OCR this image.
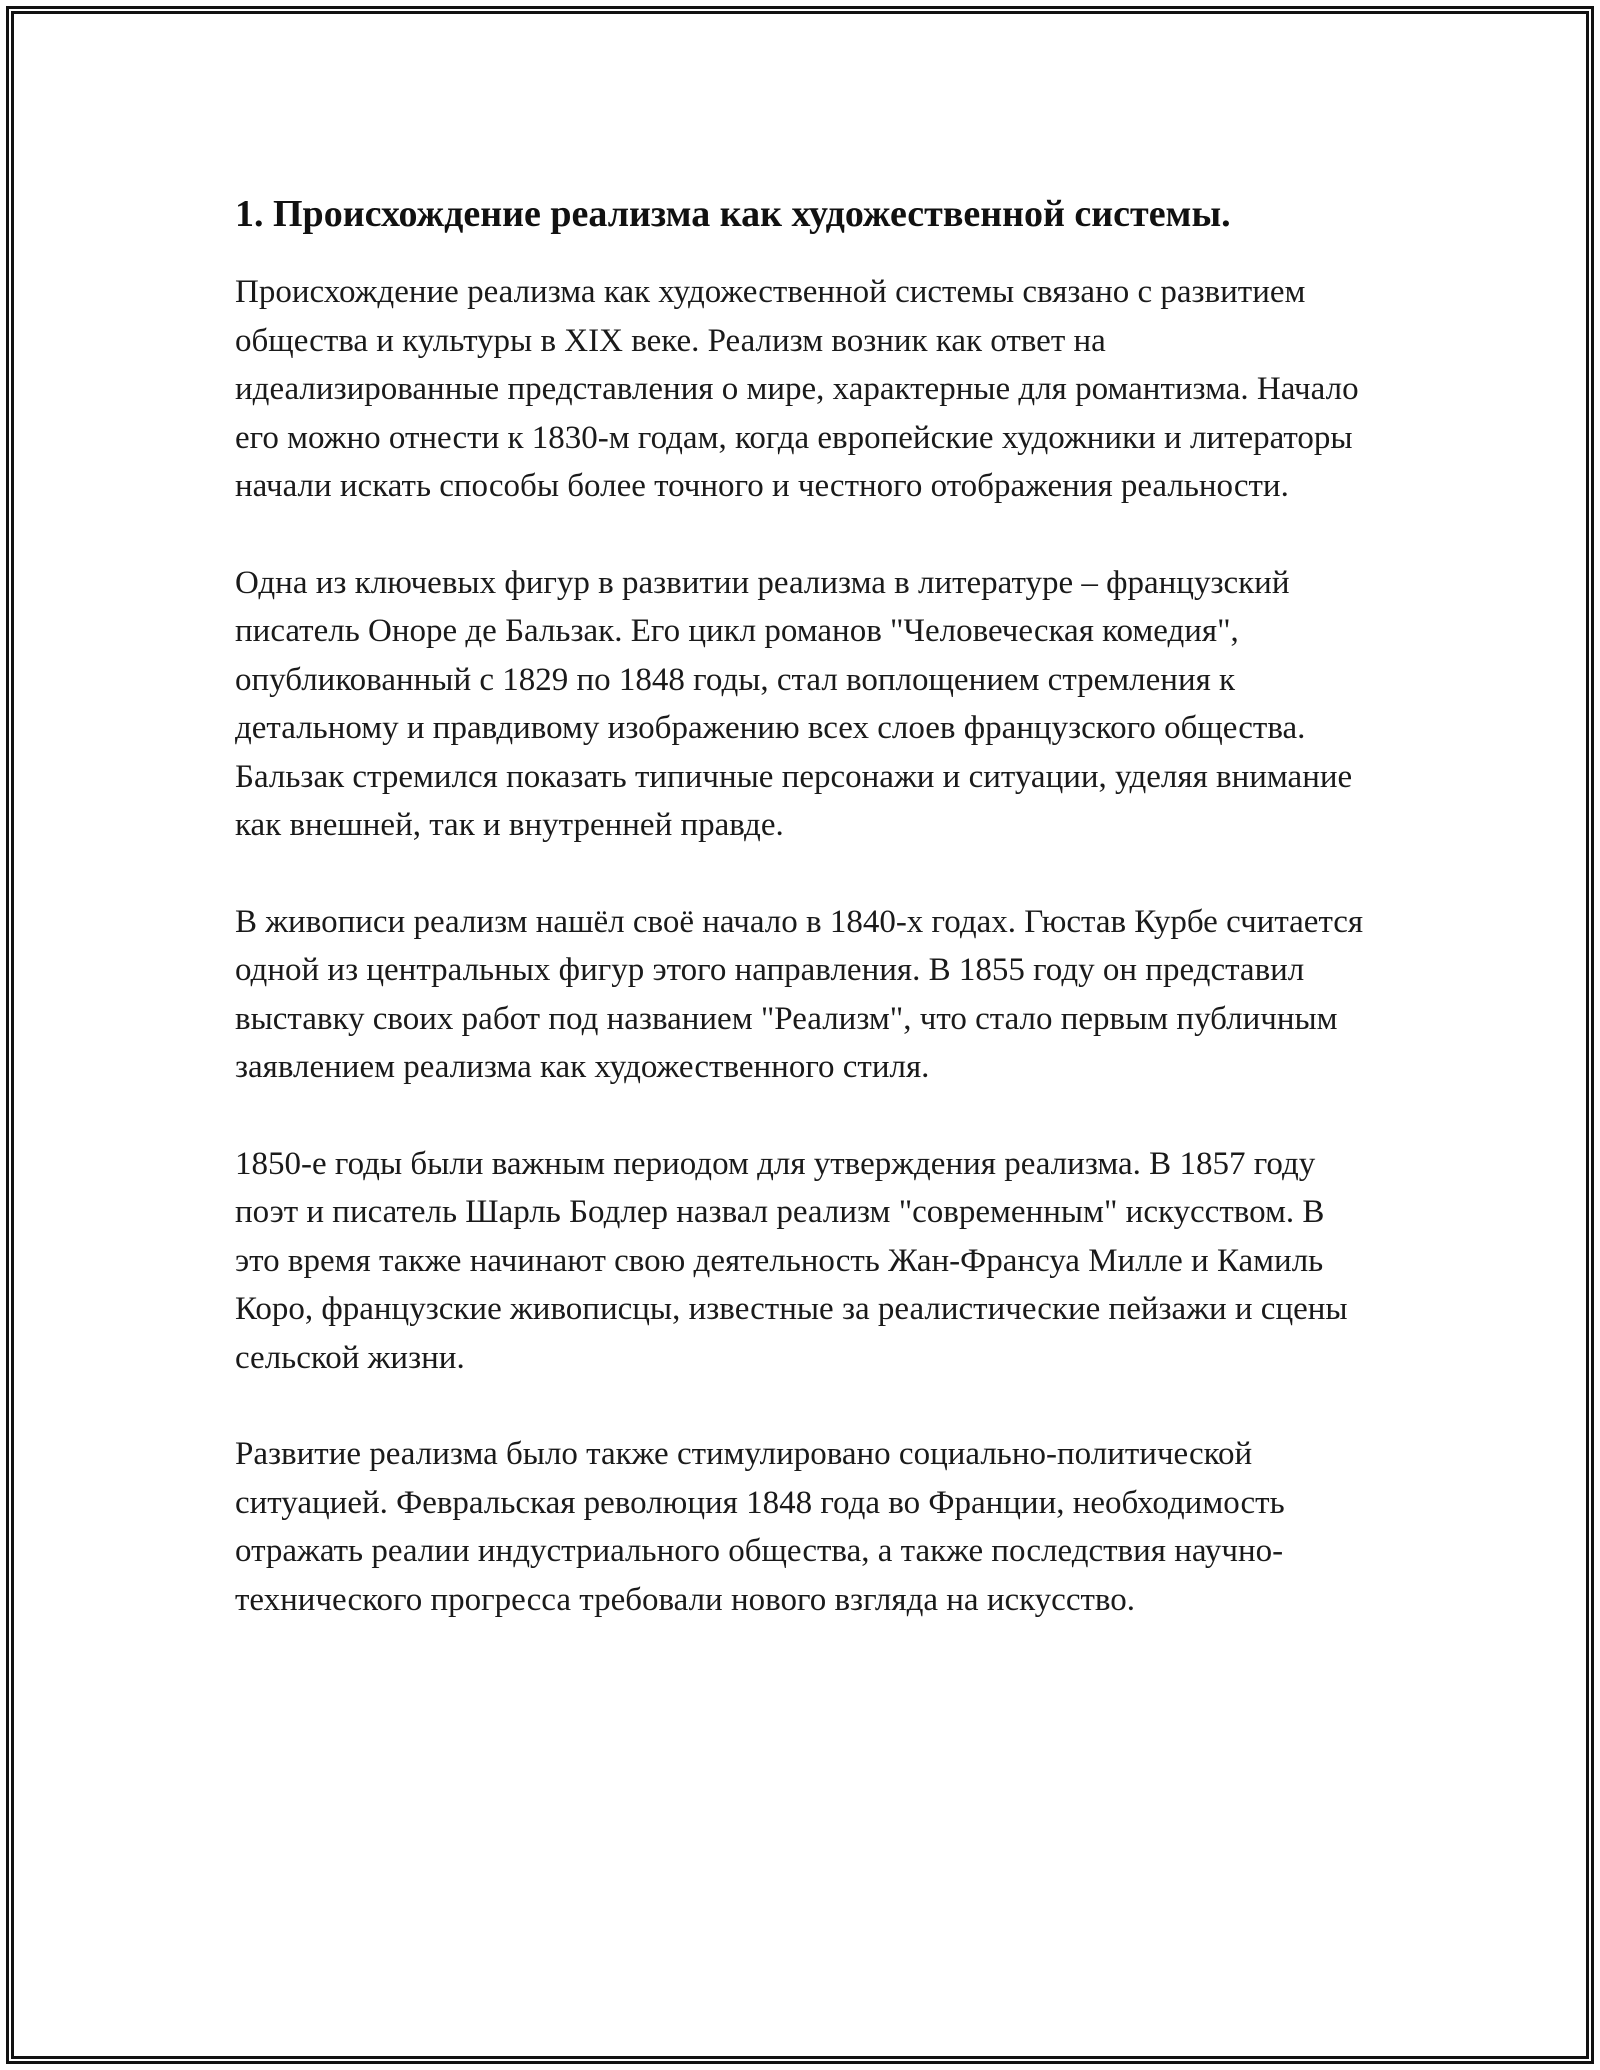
1. Происхождение реализма как художественной системы.

Происхождение реализма как художественной системы связано с развитием общества и культуры в XIX веке. Реализм возник как ответ на идеализированные представления о мире, характерные для романтизма. Начало его можно отнести к 1830-м годам, когда европейские художники и литераторы начали искать способы более точного и честного отображения реальности.

Одна из ключевых фигур в развитии реализма в литературе – французский писатель Оноре де Бальзак. Его цикл романов "Человеческая комедия", опубликованный с 1829 по 1848 годы, стал воплощением стремления к детальному и правдивому изображению всех слоев французского общества. Бальзак стремился показать типичные персонажи и ситуации, уделяя внимание как внешней, так и внутренней правде.

В живописи реализм нашёл своё начало в 1840-х годах. Гюстав Курбе считается одной из центральных фигур этого направления. В 1855 году он представил выставку своих работ под названием "Реализм", что стало первым публичным заявлением реализма как художественного стиля.

1850-е годы были важным периодом для утверждения реализма. В 1857 году поэт и писатель Шарль Бодлер назвал реализм "современным" искусством. В это время также начинают свою деятельность Жан-Франсуа Милле и Камиль Коро, французские живописцы, известные за реалистические пейзажи и сцены сельской жизни.

Развитие реализма было также стимулировано социально-политической ситуацией. Февральская революция 1848 года во Франции, необходимость отражать реалии индустриального общества, а также последствия научно-технического прогресса требовали нового взгляда на искусство.
